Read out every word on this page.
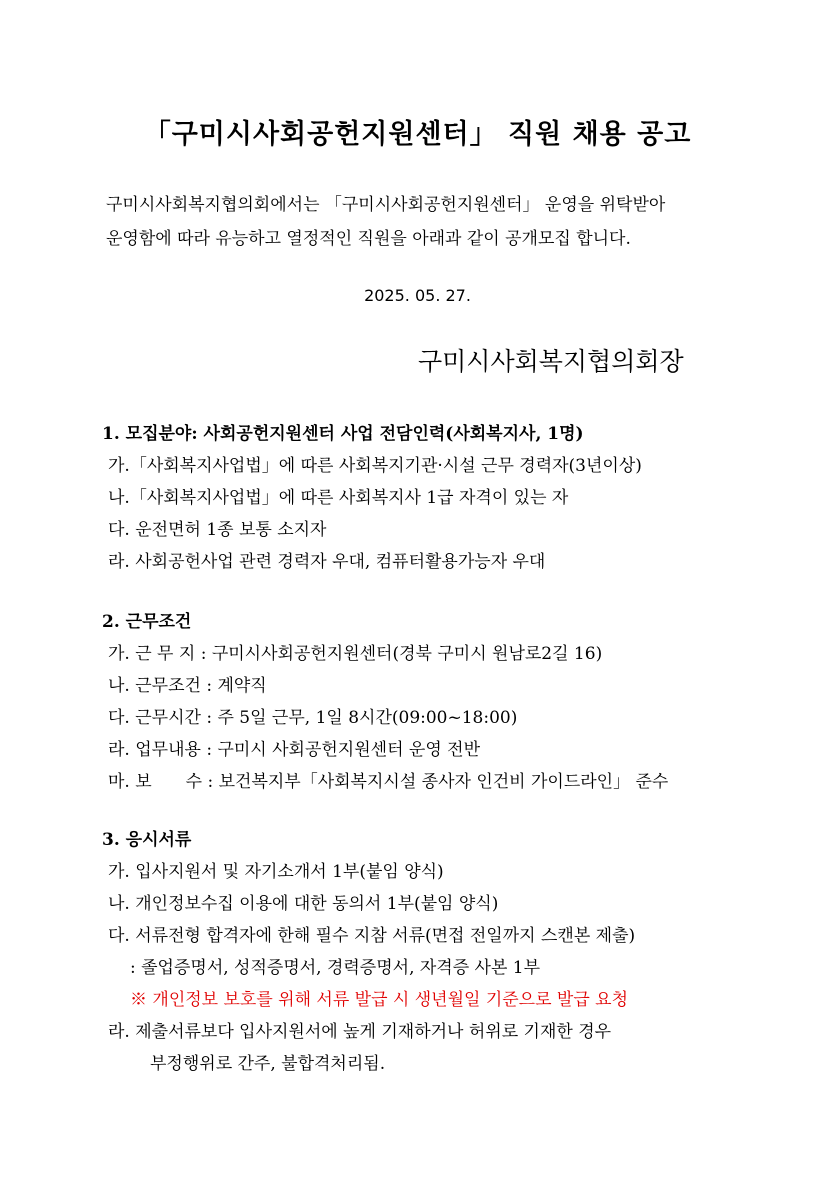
「구미시사회공헌지원센터」 직원 채용 공고
구미시사회복지협의회에서는 「구미시사회공헌지원센터」 운영을 위탁받아
운영함에 따라 유능하고 열정적인 직원을 아래과 같이 공개모집 합니다.
2025. 05. 27.
구미시사회복지협의회장
1. 모집분야: 사회공헌지원센터 사업 전담인력(사회복지사, 1명)
가.「사회복지사업법」에 따른 사회복지기관·시설 근무 경력자(3년이상)
나.「사회복지사업법」에 따른 사회복지사 1급 자격이 있는 자
다. 운전면허 1종 보통 소지자
라. 사회공헌사업 관련 경력자 우대, 컴퓨터활용가능자 우대
2. 근무조건
가. 근 무 지 : 구미시사회공헌지원센터(경북 구미시 원남로2길 16)
나. 근무조건 : 계약직
다. 근무시간 : 주 5일 근무, 1일 8시간(09:00~18:00)
라. 업무내용 : 구미시 사회공헌지원센터 운영 전반
마. 보　　수 : 보건복지부「사회복지시설 종사자 인건비 가이드라인」 준수
3. 응시서류
가. 입사지원서 및 자기소개서 1부(붙임 양식)
나. 개인정보수집 이용에 대한 동의서 1부(붙임 양식)
다. 서류전형 합격자에 한해 필수 지참 서류(면접 전일까지 스캔본 제출)
: 졸업증명서, 성적증명서, 경력증명서, 자격증 사본 1부
※ 개인정보 보호를 위해 서류 발급 시 생년월일 기준으로 발급 요청
라. 제출서류보다 입사지원서에 높게 기재하거나 허위로 기재한 경우
부정행위로 간주, 불합격처리됨.
